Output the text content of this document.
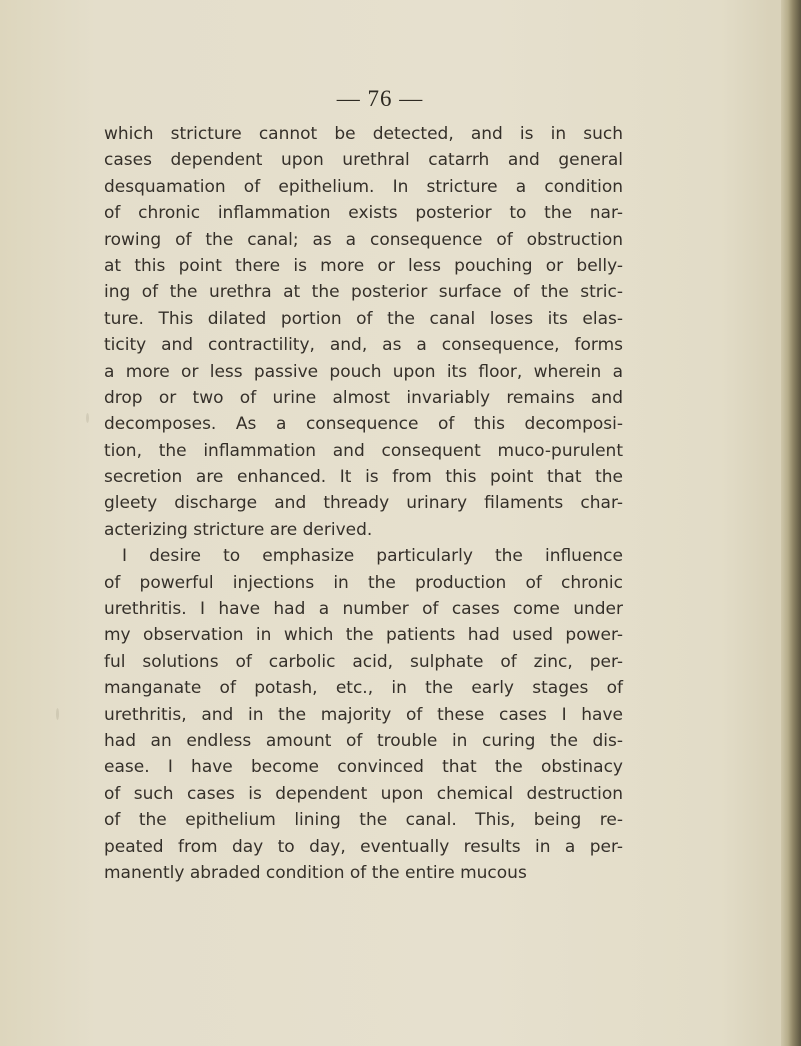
— 76 —
which stricture cannot be detected, and is in such
cases dependent upon urethral catarrh and general
desquamation of epithelium. In stricture a condition
of chronic inflammation exists posterior to the nar-
rowing of the canal; as a consequence of obstruction
at this point there is more or less pouching or belly-
ing of the urethra at the posterior surface of the stric-
ture. This dilated portion of the canal loses its elas-
ticity and contractility, and, as a consequence, forms
a more or less passive pouch upon its floor, wherein a
drop or two of urine almost invariably remains and
decomposes. As a consequence of this decomposi-
tion, the inflammation and consequent muco-purulent
secretion are enhanced. It is from this point that the
gleety discharge and thready urinary filaments char-
acterizing stricture are derived.
I desire to emphasize particularly the influence
of powerful injections in the production of chronic
urethritis. I have had a number of cases come under
my observation in which the patients had used power-
ful solutions of carbolic acid, sulphate of zinc, per-
manganate of potash, etc., in the early stages of
urethritis, and in the majority of these cases I have
had an endless amount of trouble in curing the dis-
ease. I have become convinced that the obstinacy
of such cases is dependent upon chemical destruction
of the epithelium lining the canal. This, being re-
peated from day to day, eventually results in a per-
manently abraded condition of the entire mucous
